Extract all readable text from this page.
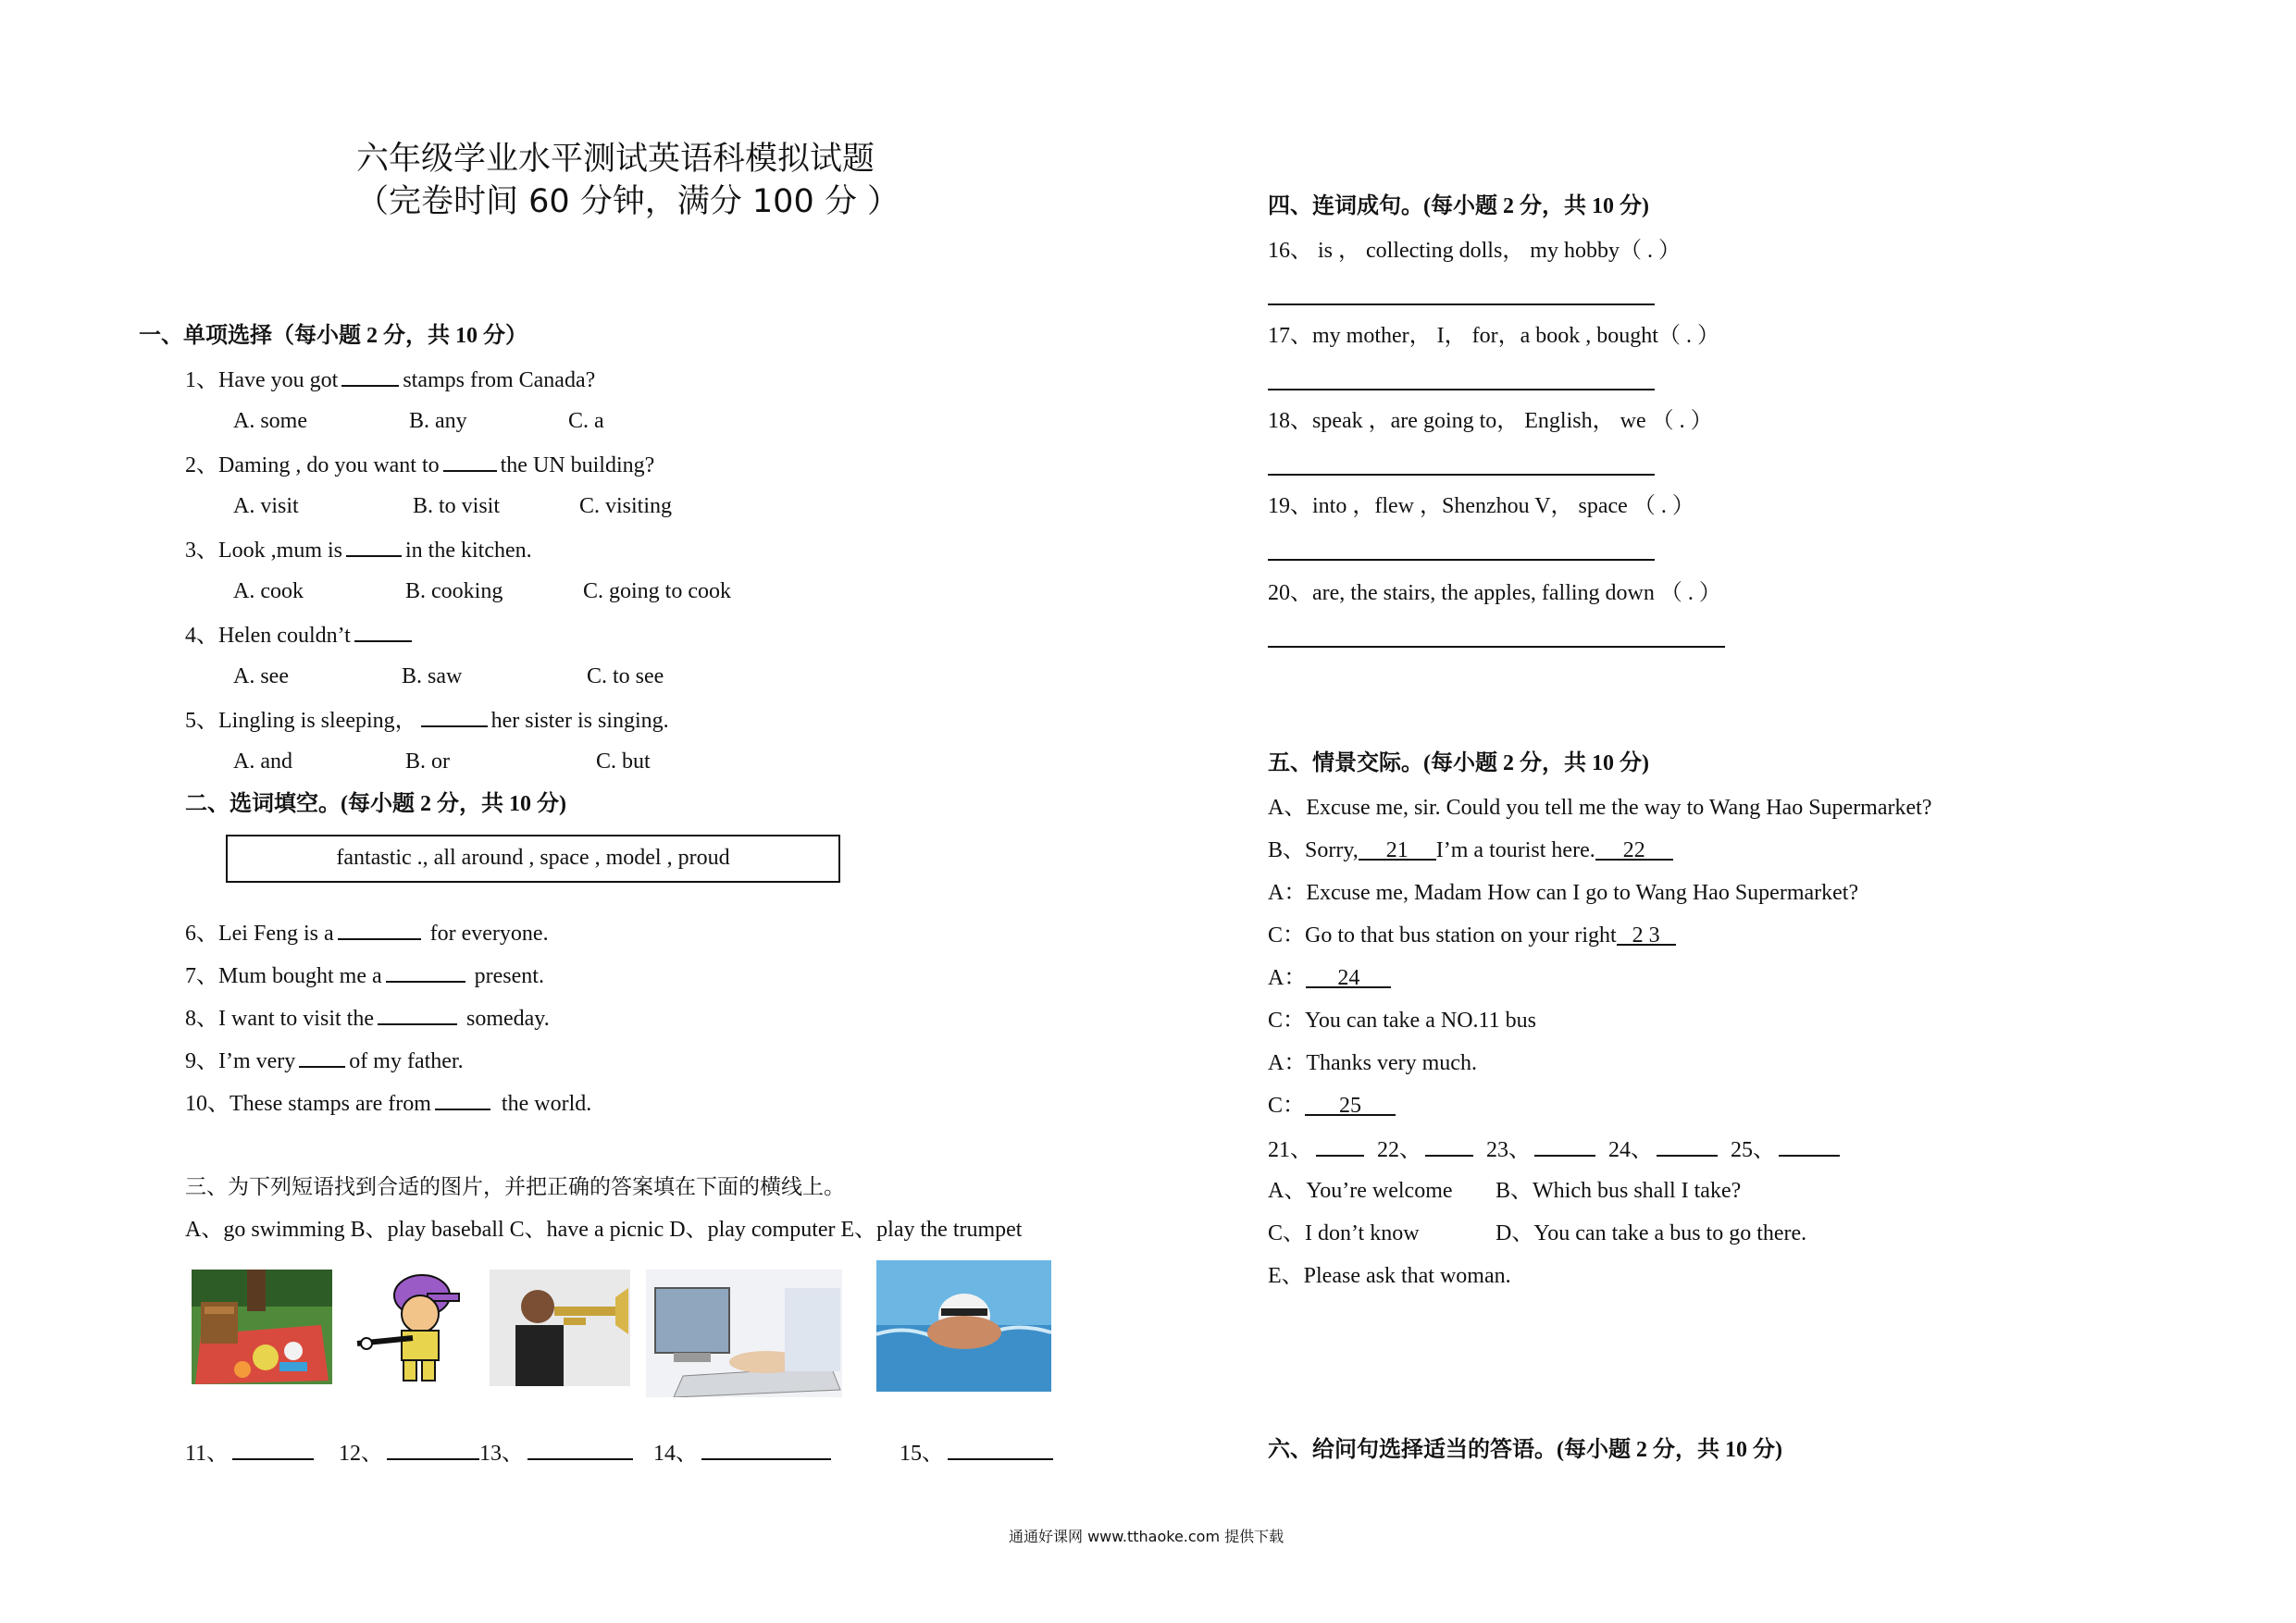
六年级学业水平测试英语科模拟试题
（完卷时间 60 分钟，满分 100 分 ）
一、单项选择（每小题 2 分，共 10 分）
1、Have you got	stamps from Canada?
A. some	B. any	C. a
2、Daming , do you want to	the UN building?
A. visit	B. to visit	C. visiting
3、Look ,mum is	in the kitchen.
A. cook	B. cooking	C. going to cook
4、Helen couldn’t
A. see	B. saw	C. to see
5、Lingling is sleeping，	her sister is singing.
A. and	B. or	C. but
二、选词填空。(每小题 2 分，共 10 分)
fantastic ., all around , space , model , proud
6、Lei Feng is a	for everyone.
7、Mum bought me a	present.
8、I want to visit the	someday.
9、I’m very of my father.
10、These stamps are from	the world.
三、为下列短语找到合适的图片，并把正确的答案填在下面的横线上。
A、go swimming B、play baseball C、have a picnic D、play computer E、play the trumpet
11、	12、	13、	14、	15、
四、连词成句。(每小题 2 分，共 10 分)
16、 is ， collecting dolls， my hobby（ . ）
17、my mother， I， for，a book , bought（ . ）
18、speak ，are going to， English， we （ . ）
19、into ，flew ，Shenzhou V， space （ . ）
20、are, the stairs, the apples, falling down （ . ）
五、情景交际。(每小题 2 分，共 10 分)
A、Excuse me, sir. Could you tell me the way to Wang Hao Supermarket?
B、Sorry, 21 I’m a tourist here. 22
A：Excuse me, Madam How can I go to Wang Hao Supermarket?
C：Go to that bus station on your right 2 3
A： 24
C：You can take a NO.11 bus
A：Thanks very much.
C： 25
21、	22、	23、	24、	25、
A、You’re welcome B、Which bus shall I take?
C、I don’t know	D、You can take a bus to go there.
E、Please ask that woman.
六、给问句选择适当的答语。(每小题 2 分，共 10 分)
通通好课网 www.tthaoke.com 提供下载
